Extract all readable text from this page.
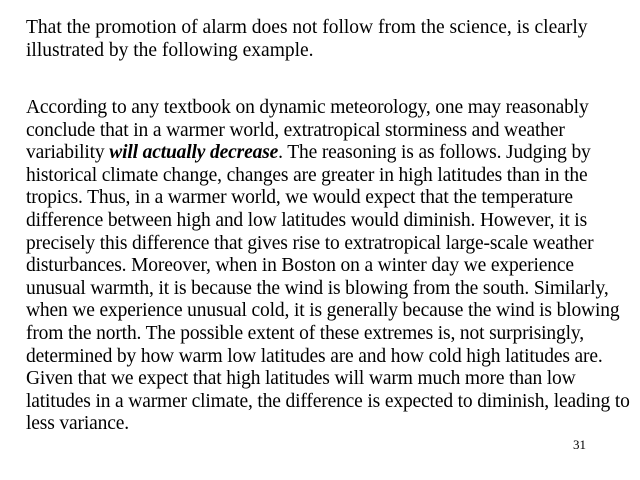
That the promotion of alarm does not follow from the science, is clearly illustrated by the following example.

According to any textbook on dynamic meteorology, one may reasonably conclude that in a warmer world, extratropical storminess and weather variability will actually decrease. The reasoning is as follows. Judging by historical climate change, changes are greater in high latitudes than in the tropics. Thus, in a warmer world, we would expect that the temperature difference between high and low latitudes would diminish. However, it is precisely this difference that gives rise to extratropical large-scale weather disturbances. Moreover, when in Boston on a winter day we experience unusual warmth, it is because the wind is blowing from the south. Similarly, when we experience unusual cold, it is generally because the wind is blowing from the north. The possible extent of these extremes is, not surprisingly, determined by how warm low latitudes are and how cold high latitudes are. Given that we expect that high latitudes will warm much more than low latitudes in a warmer climate, the difference is expected to diminish, leading to less variance.

31
